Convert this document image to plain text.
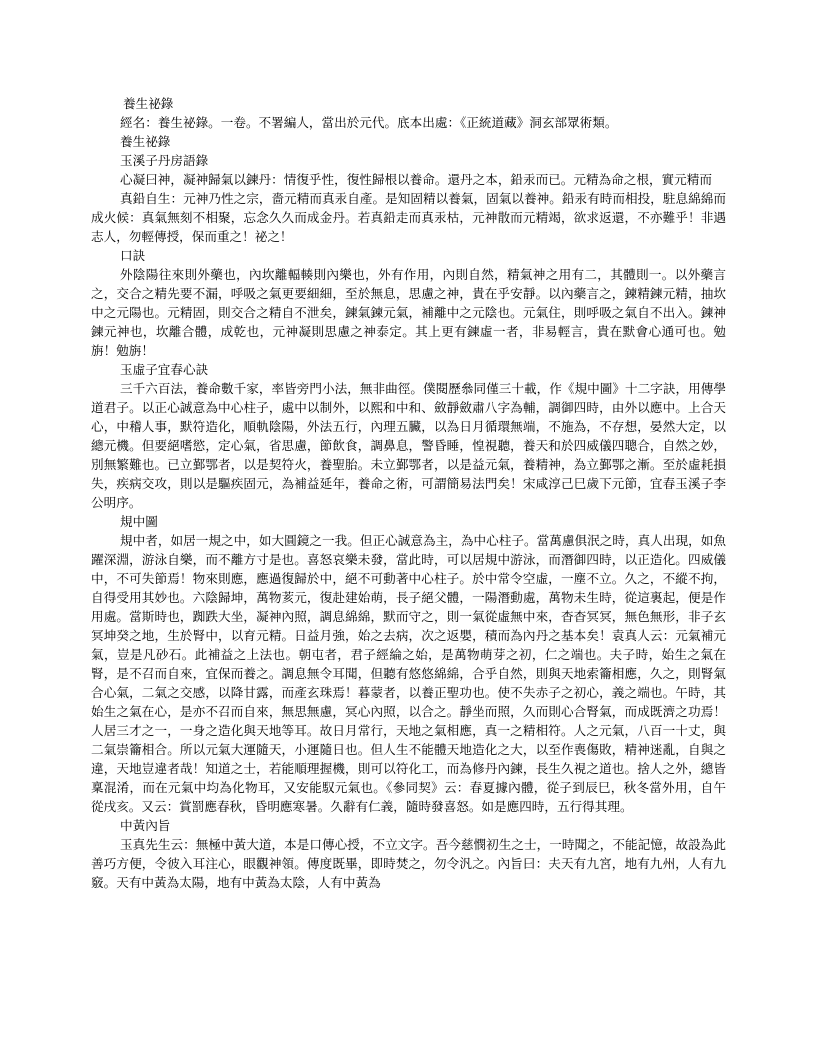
養生祕錄

經名：養生祕錄。一卷。不署編人，當出於元代。底本出處：《正統道藏》洞玄部眾術類。

養生祕錄

玉溪子丹房語錄

心凝曰神，凝神歸氣以鍊丹：情復乎性，復性歸根以養命。還丹之本，鉛汞而已。元精為命之根，實元精而

真鉛自生：元神乃性之宗，嗇元精而真汞自產。是知固精以養氣，固氣以養神。鉛汞有時而相投，駐息綿綿而成火候：真氣無刻不相聚，忘念久久而成金丹。若真鉛走而真汞枯，元神散而元精竭，欲求返還，不亦難乎！非遇志人，勿輕傳授，保而重之！祕之！

口訣

外陰陽往來則外藥也，內坎離輻輳則內樂也，外有作用，內則自然，精氣神之用有二，其體則一。以外藥言之，交合之精先要不漏，呼吸之氣更要細細，至於無息，思慮之神，貴在乎安靜。以內藥言之，鍊精鍊元精，抽坎中之元陽也。元精固，則交合之精自不泄矣，鍊氣鍊元氣，補離中之元陰也。元氣住，則呼吸之氣自不出入。鍊神鍊元神也，坎離合體，成乾也，元神凝則思慮之神泰定。其上更有鍊虛一者，非易輕言，貴在默會心通可也。勉旃！勉旃！

玉虛子宜春心訣

三千六百法，養命數千家，率皆旁門小法，無非曲徑。僕閱歷叅同僅三十載，作《規中圖》十二字訣，用傳學道君子。以正心誠意為中心柱子，處中以制外，以熙和中和、斂靜斂肅八字為輔，調御四時，由外以應中。上合天心，中稽人事，默符造化，順軌陰陽，外法五行，內理五臟，以為日月循環無端，不施為，不存想，晏然大定，以總元機。但要絕嗜慾，定心氣，省思慮，節飲食，調鼻息，警昏睡，惶視聽，養天和於四威儀四聰合，自然之妙，別無繁難也。已立鄞鄂者，以是契符火，養聖胎。未立鄞鄂者，以是益元氣，養精神，為立鄞鄂之漸。至於虛耗損失，疾病交攻，則以是驅疾固元，為補益延年，養命之術，可謂簡易法門矣！宋咸淳己巳歲下元節，宜春玉溪子李公明序。

規中圖

規中者，如居一規之中，如大圓鏡之一我。但正心誠意為主，為中心柱子。當萬慮俱泯之時，真人出現，如魚躍深淵，游泳自樂，而不離方寸是也。喜怒哀樂未發，當此時，可以居規中游泳，而潛御四時，以正造化。四威儀中，不可失節焉！物來則應，應過復歸於中，絕不可動著中心柱子。於中常令空虛，一塵不立。久之，不縱不拘，自得受用其妙也。六陰歸坤，萬物荄元，復赴建始萌，長子絕父體，一陽潛動處，萬物未生時，從這裏起，便是作用處。當斯時也，踟跌大坐，凝神內照，調息綿綿，默而守之，則一氣從虛無中來，杳杳冥冥，無色無形，非子玄冥坤癸之地，生於腎中，以育元精。日益月強，始之去病，次之返嬰，積而為內丹之基本矣！袁真人云：元氣補元氣，豈是凡砂石。此補益之上法也。朝屯者，君子經綸之始，是萬物萌芽之初，仁之端也。夫子時，始生之氣在腎，是不召而自來，宜保而養之。調息無令耳聞，但聽有悠悠綿綿，合乎自然，則與天地索籥相應，久之，則腎氣合心氣，二氣之交感，以降甘露，而產玄珠焉！暮蒙者，以養正聖功也。使不失赤子之初心，義之端也。午時，其始生之氣在心，是亦不召而自來，無思無慮，冥心內照，以合之。靜坐而照，久而則心合腎氣，而成既濟之功焉！人居三才之一，一身之造化與天地等耳。故日月常行，天地之氣相應，真一之精相符。人之元氣，八百一十丈，與二氣崇籥相合。所以元氣大運隨天，小運隨日也。但人生不能體天地造化之大，以至作喪傷敗，精神迷亂，自與之違，天地豈違者哉！知道之士，若能順理握機，則可以符化工，而為修丹內鍊，長生久視之道也。捨人之外，總皆稟混淆，而在元氣中均為化物耳，又安能馭元氣也。《參同契》云：春夏據內體，從子到辰巳，秋冬當外用，自午從戌亥。又云：賞罰應春秋，昏明應寒暑。久辭有仁義，隨時發喜怒。如是應四時，五行得其理。

中黃內旨

玉真先生云：無極中黃大道，本是口傳心授，不立文字。吾今慈憫初生之士，一時聞之，不能記憶，故設為此善巧方便，令彼入耳注心，眼觀神領。傳度既畢，即時焚之，勿令汎之。內旨曰：夫天有九宮，地有九州，人有九竅。天有中黃為太陽，地有中黃為太陰，人有中黃為
